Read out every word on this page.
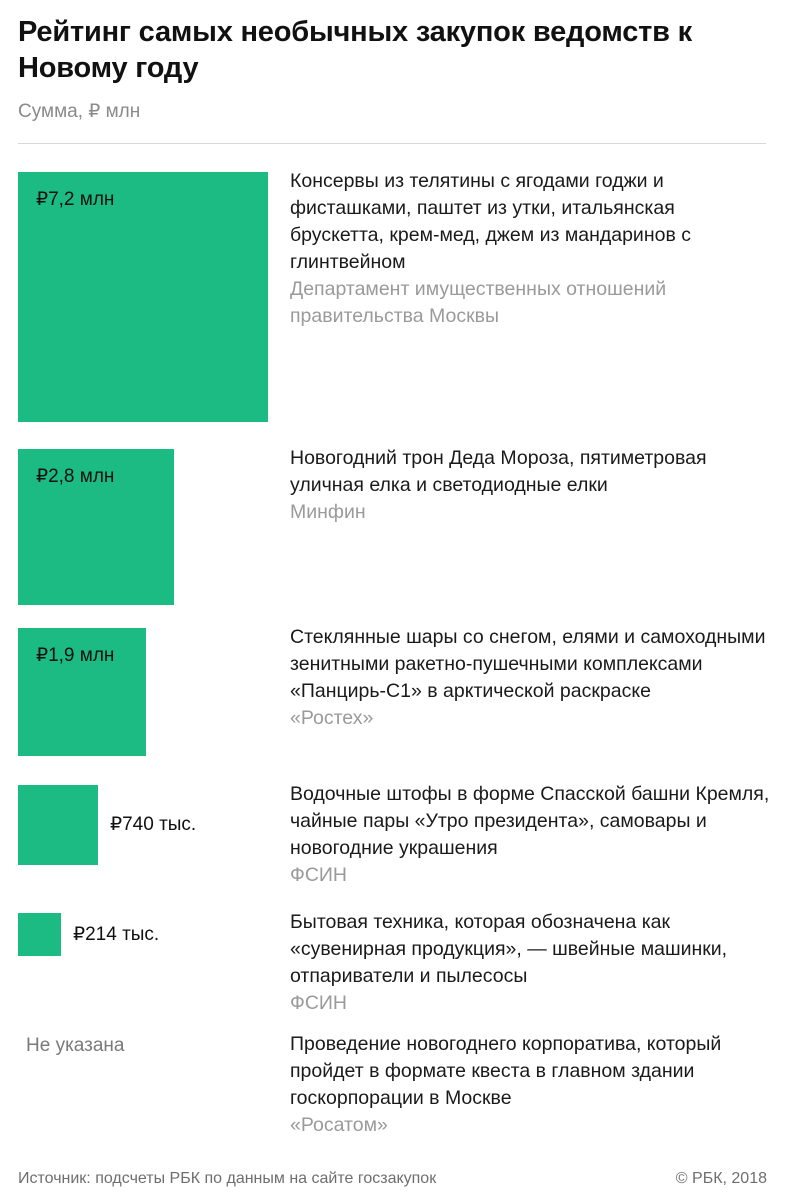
Рейтинг самых необычных закупок ведомств к Новому году
Сумма, ₽ млн
₽7,2 млн
Консервы из телятины с ягодами годжи и фисташками, паштет из утки, итальянская брускетта, крем-мед, джем из мандаринов с глинтвейном
Департамент имущественных отношений правительства Москвы
₽2,8 млн
Новогодний трон Деда Мороза, пятиметровая уличная елка и светодиодные елки
Минфин
₽1,9 млн
Стеклянные шары со снегом, елями и самоходными зенитными ракетно-пушечными комплексами «Панцирь-С1» в арктической раскраске
«Ростех»
₽740 тыс.
Водочные штофы в форме Спасской башни Кремля, чайные пары «Утро президента», самовары и новогодние украшения
ФСИН
₽214 тыс.
Бытовая техника, которая обозначена как «сувенирная продукция», — швейные машинки, отпариватели и пылесосы
ФСИН
Не указана	Проведение новогоднего корпоратива, который пройдет в формате квеста в главном здании госкорпорации в Москве
«Росатом»
Источник: подсчеты РБК по данным на сайте госзакупок	© РБК, 2018
